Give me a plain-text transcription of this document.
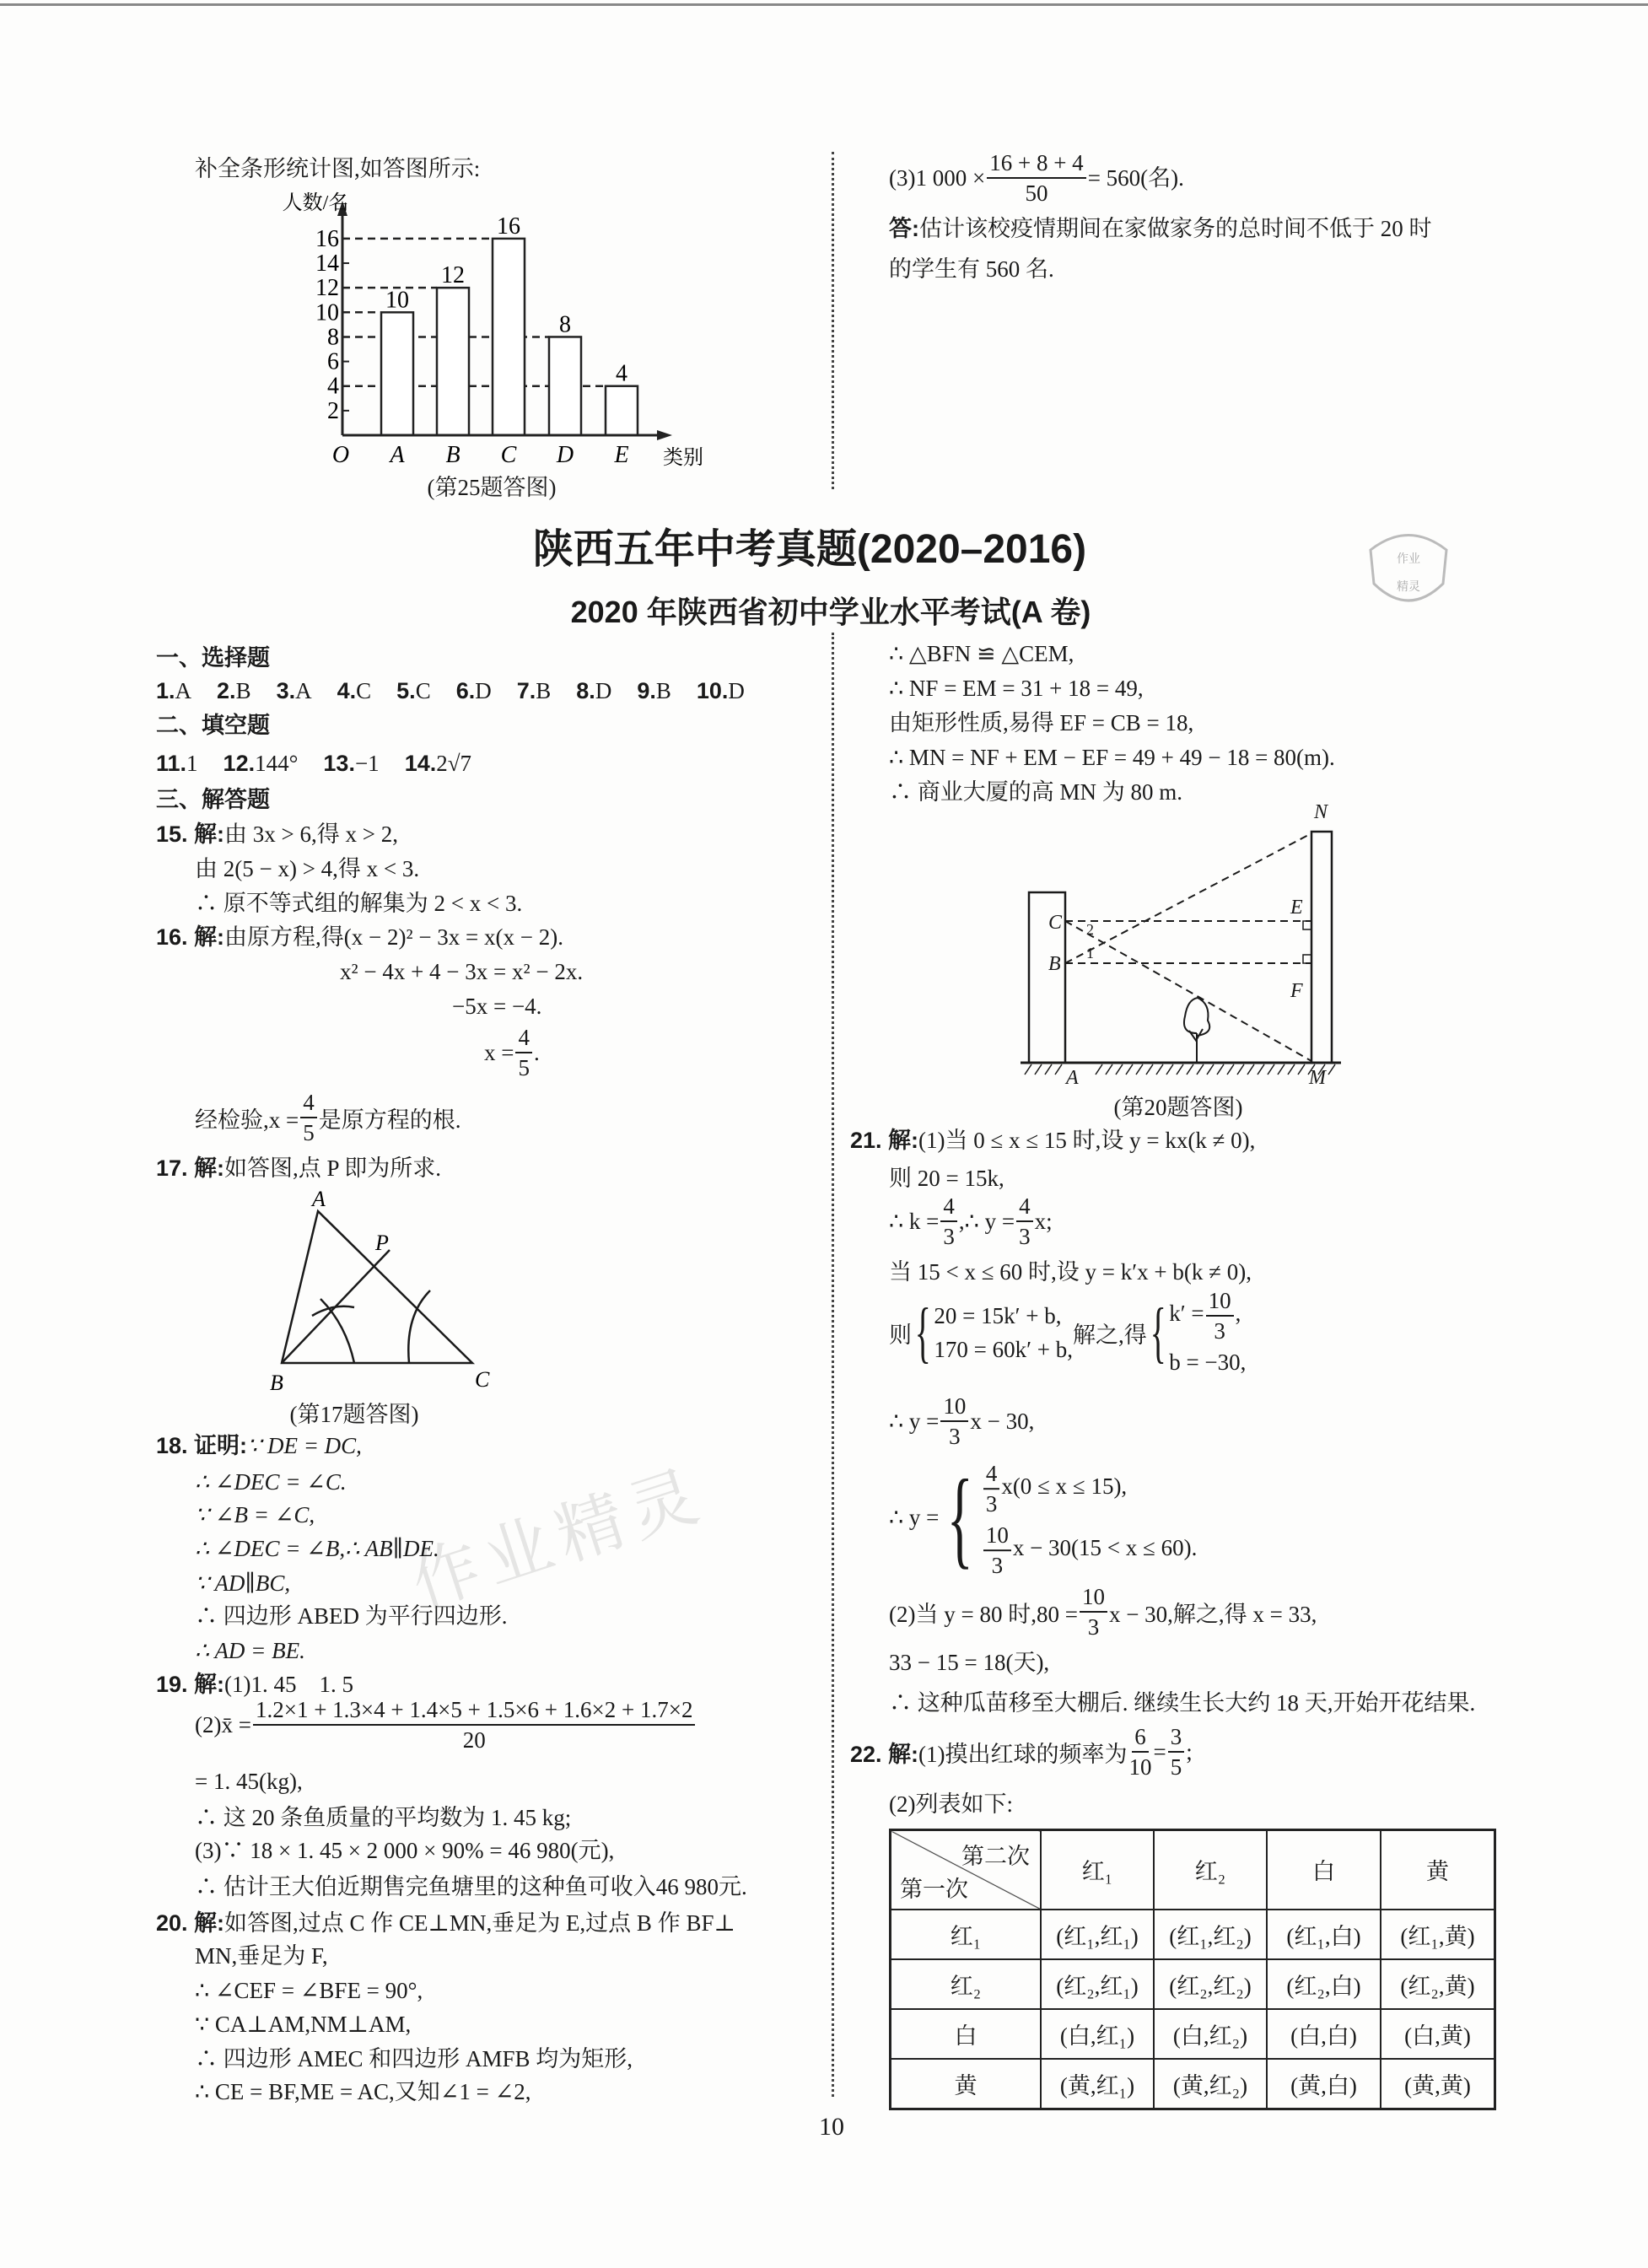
作业精灵
补全条形统计图,如答图所示:
10
A
12
B
16
C
8
D
4
E
2
4
6
8
10
12
14
16
O	类别
人数/名
(第25题答图)
(3)1 $000 \times \frac{16 + 8 + 4}{50} = 560$(名).
答:估计该校疫情期间在家做家务的总时间不低于 20 时
的学生有 560 名.
陕西五年中考真题(2020–2016)
2020 年陕西省初中学业水平考试(A 卷)
作业
精灵
一、选择题
1.A 2.B 3.A 4.C 5.C 6.D 7.B 8.D 9.B 10.D
二、填空题
11.1 12.144° 13.−1 14.2√7
三、解答题
15. 解:由 3x > 6,得 x > 2,
由 2(5 − x) > 4,得 x < 3.
∴ 原不等式组的解集为 2 < x < 3.
16. 解:由原方程,得(x − 2)² − 3x = x(x − 2).
x² − 4x + 4 − 3x = x² − 2x.
−5x = −4.
$x = \frac{4}{5}$ .
经检验$,x = \frac{4}{5}$ 是原方程的根.
17. 解:如答图,点 P 即为所求.
A
P
B	C
(第17题答图)
18. 证明:∵ DE = DC,
∴ ∠DEC = ∠C.
∵ ∠B = ∠C,
∴ ∠DEC = ∠B,∴ AB∥DE.
∵ AD∥BC,
∴ 四边形 ABED 为平行四边形.
∴ AD = BE.
19. 解:(1)1. 45　1. 5
(2)x̄ = $\frac{1.2\times 1 + 1.3\times 4 + 1.4\times 5 + 1.5\times 6 + 1.6\times 2 + 1.7\times 2}{20}$
= 1. 45(kg),
∴ 这 20 条鱼质量的平均数为 1. 45 kg;
(3)∵ 18 × 1. 45 × 2 000 × 90% = 46 980(元),
∴ 估计王大伯近期售完鱼塘里的这种鱼可收入46 980元.
20. 解:如答图,过点 C 作 CE⊥MN,垂足为 E,过点 B 作 BF⊥
MN,垂足为 F,
∴ ∠CEF = ∠BFE = 90°,
∵ CA⊥AM,NM⊥AM,
∴ 四边形 AMEC 和四边形 AMFB 均为矩形,
∴ CE = BF,ME = AC,又知∠1 = ∠2,
∴ △BFN ≌ △CEM,
∴ NF = EM = 31 + 18 = 49,
由矩形性质,易得 EF = CB = 18,
∴ MN = NF + EM − EF = 49 + 49 − 18 = 80(m).
∴ 商业大厦的高 MN 为 80 m.
N
E
F
C
B
A	M
1
2
(第20题答图)
21. 解:(1)当 0 ≤ x ≤ 15 时,设 y = kx(k ≠ 0),
则 20 = 15k,
∴ $k = \frac{4}{3}$ ,∴ $y = \frac{4}{3} x$;
当 15 < x ≤ 60 时,设 y = k′x + b(k ≠ 0),
则 { 20 = 15k′ + b,
170 = 60k′ + b,
解之,得 { $k' = \frac{10}{3}$ ,
b = −30,
∴ $y = \frac{10}{3}$ x − 30,
∴ y = { $\frac{4}{3} x(0 \le x \le 15)$,
$\frac{10}{3}$ x − 30(15 < x ≤ 60).
(2)当 y = 80 时$,80 = \frac{10}{3}$ x − 30,解之,得 x = 33,
33 − 15 = 18(天),
∴ 这种瓜苗移至大棚后. 继续生长大约 18 天,开始开花结果.
22. 解: (1)摸出红球的频率为 $\frac{6}{10} = \frac{3}{5}$ ;
(2)列表如下:
第二次
第一次	红₁	红₂	白	黄
红₁	(红₁,红₁)	(红₁,红₂)	(红₁,白)	(红₁,黄)
红₂	(红₂,红₁)	(红₂,红₂)	(红₂,白)	(红₂,黄)
白	(白,红₁)	(白,红₂)	(白,白)	(白,黄)
黄	(黄,红₁)	(黄,红₂)	(黄,白)	(黄,黄)
10
